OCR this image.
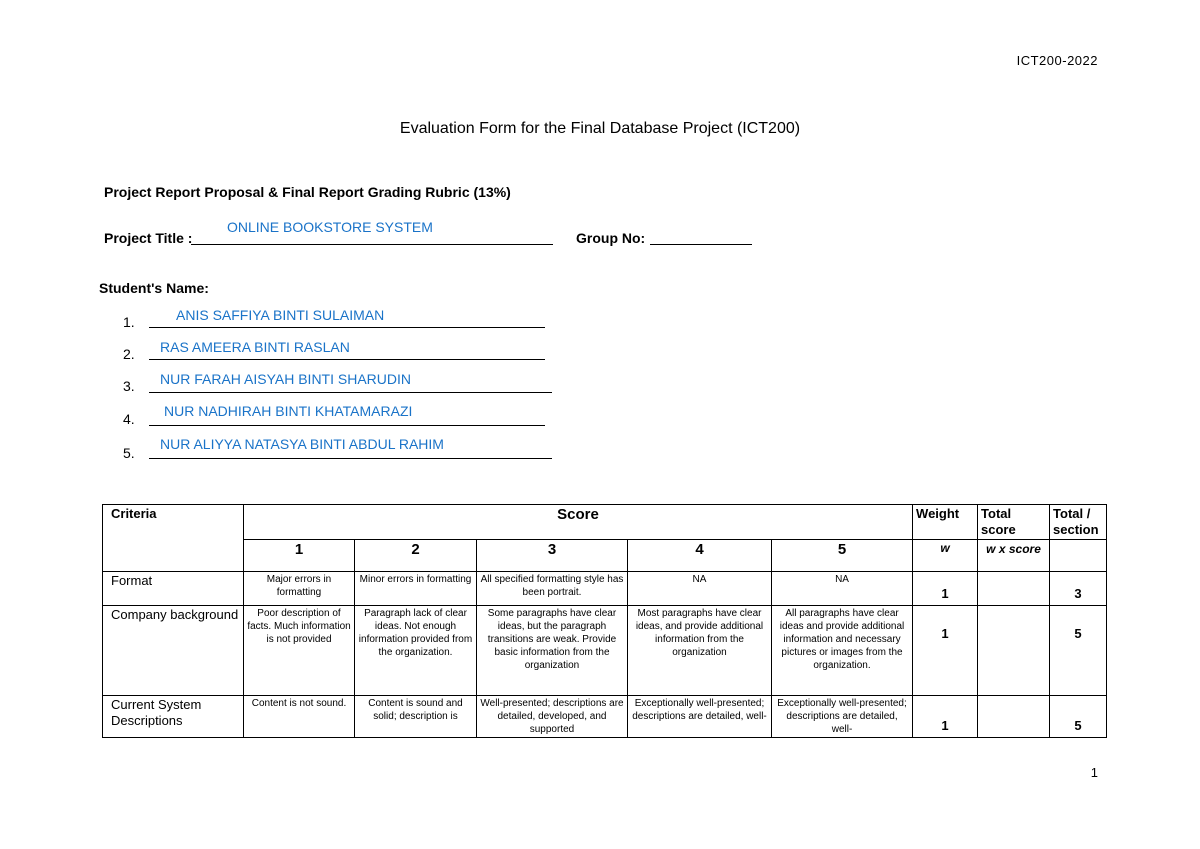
ICT200-2022
Evaluation Form for the Final Database Project (ICT200)
Project Report Proposal & Final Report Grading Rubric (13%)
Project Title :
ONLINE BOOKSTORE SYSTEM
Group No:
Student's Name:
1.	ANIS SAFFIYA BINTI SULAIMAN
2. RAS AMEERA BINTI RASLAN
3. NUR FARAH AISYAH BINTI SHARUDIN
4. NUR NADHIRAH BINTI KHATAMARAZI
5.
NUR ALIYYA NATASYA BINTI ABDUL RAHIM
Criteria	Score					Weight	Total score	Total / section
	1	2	3	4	5	w	w x score	
Format	Major errors in formatting	Minor errors in formatting	All specified formatting style has been portrait.	NA	NA	1		3
Company background	Poor description of facts. Much information is not provided	Paragraph lack of clear ideas. Not enough information provided from the organization.	Some paragraphs have clear ideas, but the paragraph transitions are weak. Provide basic information from the organization	Most paragraphs have clear ideas, and provide additional information from the organization	All paragraphs have clear ideas and provide additional information and necessary pictures or images from the organization.	1		5
Current System Descriptions	Content is not sound.	Content is sound and solid; description is	Well-presented; descriptions are detailed, developed, and supported	Exceptionally well-presented; descriptions are detailed, well-	Exceptionally well-presented; descriptions are detailed, well-	1		5
1
